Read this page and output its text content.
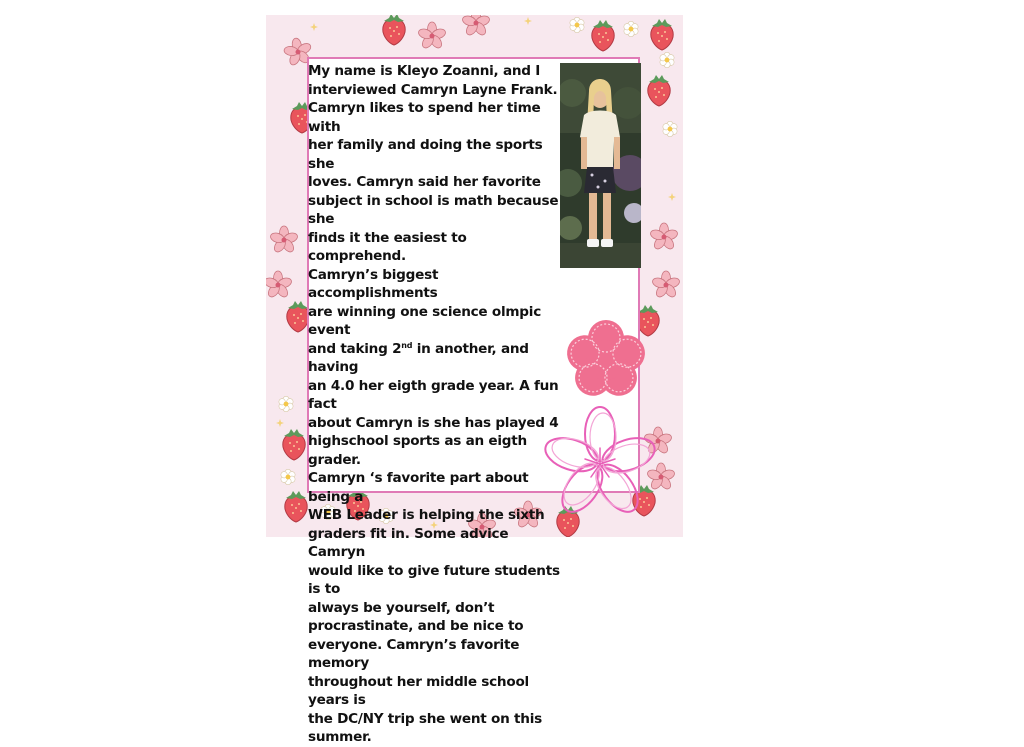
My name is Kleyo Zoanni, and I
interviewed Camryn Layne Frank.
Camryn likes to spend her time with
her family and doing the sports she
loves. Camryn said her favorite
subject in school is math because she
finds it the easiest to comprehend.
Camryn’s biggest accomplishments
are winning one science olmpic event
and taking 2nd in another, and having
an 4.0 her eigth grade year. A fun fact
about Camryn is she has played 4
highschool sports as an eigth grader.
Camryn ‘s favorite part about being a
WEB Leader is helping the sixth
graders fit in. Some advice Camryn
would like to give future students is to
always be yourself, don’t
procrastinate, and be nice to
everyone. Camryn’s favorite memory
throughout her middle school years is
the DC/NY trip she went on this
summer.
